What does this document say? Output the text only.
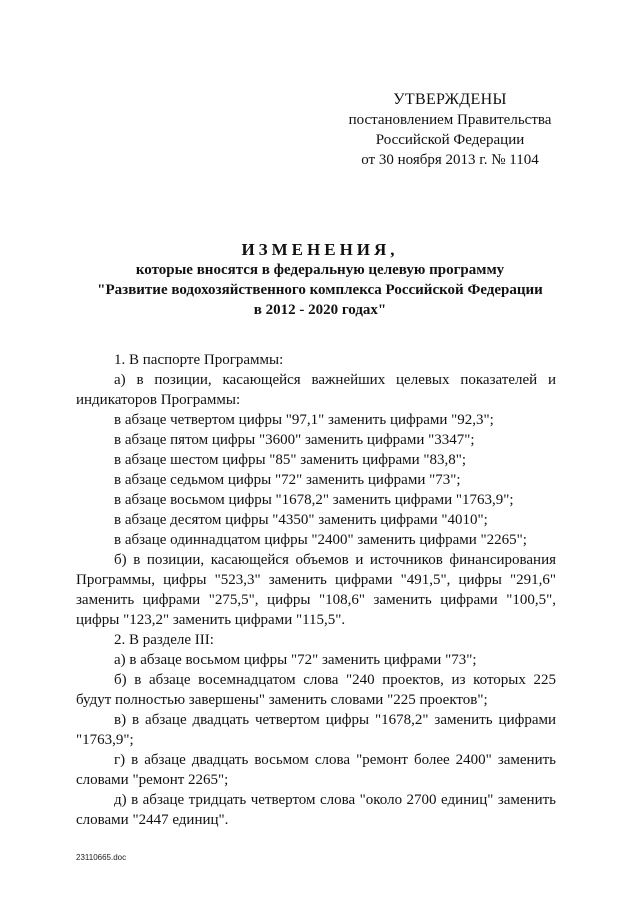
УТВЕРЖДЕНЫ
постановлением Правительства
Российской Федерации
от 30 ноября 2013 г. № 1104
ИЗМЕНЕНИЯ,
которые вносятся в федеральную целевую программу
"Развитие водохозяйственного комплекса Российской Федерации
в 2012 - 2020 годах"

1. В паспорте Программы:

а) в позиции, касающейся важнейших целевых показателей и индикаторов Программы:

в абзаце четвертом цифры "97,1" заменить цифрами "92,3";

в абзаце пятом цифры "3600" заменить цифрами "3347";

в абзаце шестом цифры "85" заменить цифрами "83,8";

в абзаце седьмом цифры "72" заменить цифрами "73";

в абзаце восьмом цифры "1678,2" заменить цифрами "1763,9";

в абзаце десятом цифры "4350" заменить цифрами "4010";

в абзаце одиннадцатом цифры "2400" заменить цифрами "2265";

б) в позиции, касающейся объемов и источников финансирования Программы, цифры "523,3" заменить цифрами "491,5", цифры "291,6" заменить цифрами "275,5", цифры "108,6" заменить цифрами "100,5", цифры "123,2" заменить цифрами "115,5".

2. В разделе III:

а) в абзаце восьмом цифры "72" заменить цифрами "73";

б) в абзаце восемнадцатом слова "240 проектов, из которых 225 будут полностью завершены" заменить словами "225 проектов";

в) в абзаце двадцать четвертом цифры "1678,2" заменить цифрами "1763,9";

г) в абзаце двадцать восьмом слова "ремонт более 2400" заменить словами "ремонт 2265";

д) в абзаце тридцать четвертом слова "около 2700 единиц" заменить словами "2447 единиц".

23110665.doc
